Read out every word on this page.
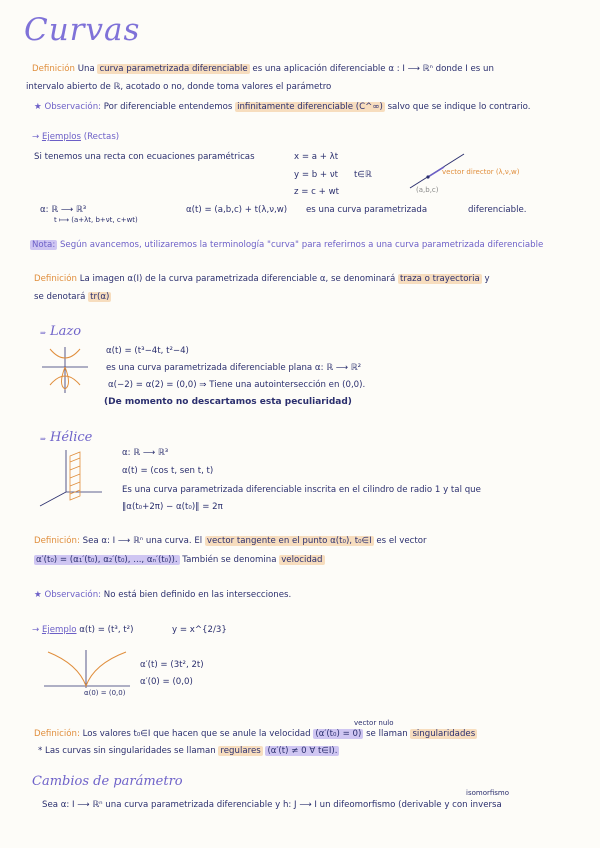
Curvas
Definición Una curva parametrizada diferenciable es una aplicación diferenciable α : I ⟶ ℝⁿ donde I es un
intervalo abierto de ℝ, acotado o no, donde toma valores el parámetro
★ Observación: Por diferenciable entendemos infinitamente diferenciable (C^∞) salvo que se indique lo contrario.
→ Ejemplos (Rectas)
Si tenemos una recta con ecuaciones paramétricas	x = a + λt
y = b + νt
z = c + wt
t∈ℝ	vector director (λ,ν,w)
(a,b,c)
α: ℝ ⟶ ℝ³
t ⟼ (a+λt, b+νt, c+wt)
α(t) = (a,b,c) + t(λ,ν,w) es una curva parametrizada	diferenciable.
Nota: Según avancemos, utilizaremos la terminología "curva" para referirnos a una curva parametrizada diferenciable
Definición La imagen α(I) de la curva parametrizada diferenciable α, se denominará traza o trayectoria y
se denotará tr(α)
⇒ Lazo
α(t) = (t³−4t, t²−4)
es una curva parametrizada diferenciable plana α: ℝ ⟶ ℝ²
α(−2) = α(2) = (0,0) ⇒ Tiene una autointersección en (0,0).
(De momento no descartamos esta peculiaridad)
⇒ Hélice
α: ℝ ⟶ ℝ³
α(t) = (cos t, sen t, t)
Es una curva parametrizada diferenciable inscrita en el cilindro de radio 1 y tal que
‖α(t₀+2π) − α(t₀)‖ = 2π
Definición: Sea α: I ⟶ ℝⁿ una curva. El vector tangente en el punto α(t₀), t₀∈I es el vector
α′(t₀) = (α₁′(t₀), α₂′(t₀), ..., αₙ′(t₀)). También se denomina velocidad
★ Observación: No está bien definido en las intersecciones.
→ Ejemplo α(t) = (t³, t²)	y = x^{2/3}
α(0) = (0,0)
α′(t) = (3t², 2t)
α′(0) = (0,0)
vector nulo
Definición: Los valores t₀∈I que hacen que se anule la velocidad (α′(t₀) = 0) se llaman singularidades
* Las curvas sin singularidades se llaman regulares (α′(t) ≠ 0 ∀ t∈I).
Cambios de parámetro
isomorfismo
Sea α: I ⟶ ℝⁿ una curva parametrizada diferenciable y h: J ⟶ I un difeomorfismo (derivable y con inversa
